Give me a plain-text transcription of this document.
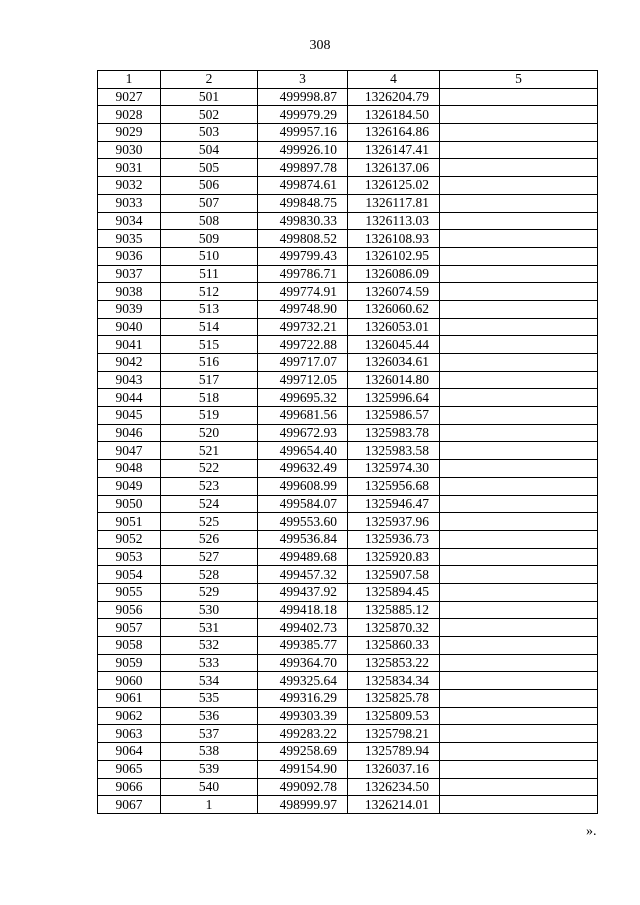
308
1	2	3	4	5
9027	501	499998.87	1326204.79	
9028	502	499979.29	1326184.50	
9029	503	499957.16	1326164.86	
9030	504	499926.10	1326147.41	
9031	505	499897.78	1326137.06	
9032	506	499874.61	1326125.02	
9033	507	499848.75	1326117.81	
9034	508	499830.33	1326113.03	
9035	509	499808.52	1326108.93	
9036	510	499799.43	1326102.95	
9037	511	499786.71	1326086.09	
9038	512	499774.91	1326074.59	
9039	513	499748.90	1326060.62	
9040	514	499732.21	1326053.01	
9041	515	499722.88	1326045.44	
9042	516	499717.07	1326034.61	
9043	517	499712.05	1326014.80	
9044	518	499695.32	1325996.64	
9045	519	499681.56	1325986.57	
9046	520	499672.93	1325983.78	
9047	521	499654.40	1325983.58	
9048	522	499632.49	1325974.30	
9049	523	499608.99	1325956.68	
9050	524	499584.07	1325946.47	
9051	525	499553.60	1325937.96	
9052	526	499536.84	1325936.73	
9053	527	499489.68	1325920.83	
9054	528	499457.32	1325907.58	
9055	529	499437.92	1325894.45	
9056	530	499418.18	1325885.12	
9057	531	499402.73	1325870.32	
9058	532	499385.77	1325860.33	
9059	533	499364.70	1325853.22	
9060	534	499325.64	1325834.34	
9061	535	499316.29	1325825.78	
9062	536	499303.39	1325809.53	
9063	537	499283.22	1325798.21	
9064	538	499258.69	1325789.94	
9065	539	499154.90	1326037.16	
9066	540	499092.78	1326234.50	
9067	1	498999.97	1326214.01	
».
